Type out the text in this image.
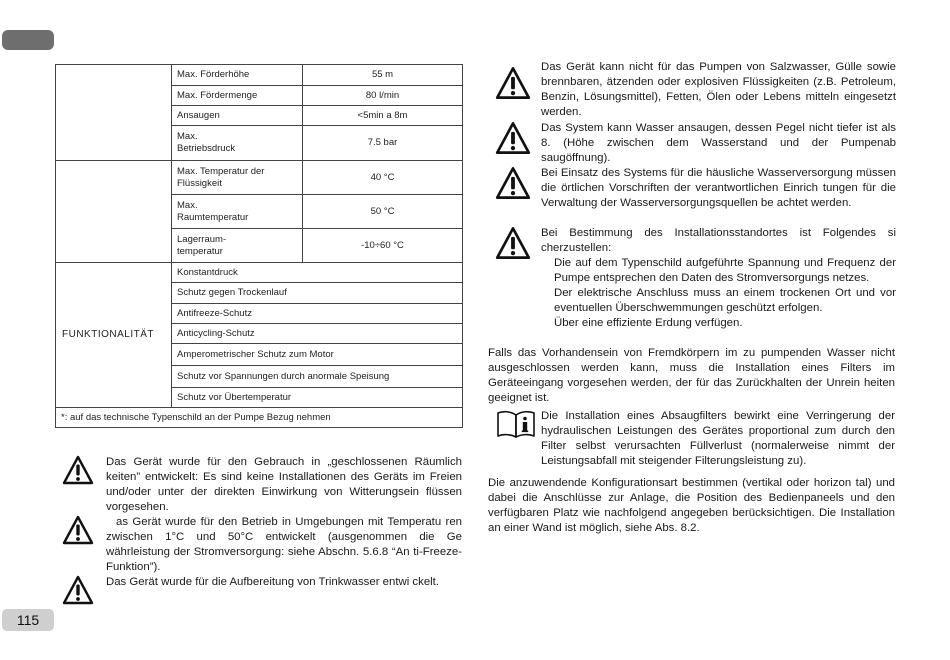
	Max. Förderhöhe	55 m
	Max. Fördermenge	80 l/min
	Ansaugen	<5min a 8m
	Max.
Betriebsdruck	7.5 bar
	Max. Temperatur der
Flüssigkeit	40 °C
	Max.
Raumtemperatur	50 °C
	Lagerraum-
temperatur	-10÷60 °C
FUNKTIONALITÄT	Konstantdruck	
	Schutz gegen Trockenlauf	
	Antifreeze-Schutz	
	Anticycling-Schutz	
	Amperometrischer Schutz zum Motor	
	Schutz vor Spannungen durch anormale Speisung	
	Schutz vor Übertemperatur	
*: auf das technische Typenschild an der Pumpe Bezug nehmen		

Das Gerät wurde für den Gebrauch in „geschlossenen Räumlich keiten” entwickelt: Es sind keine Installationen des Geräts im Freien und/oder unter der direkten Einwirkung von Witterungsein flüssen vorgesehen.

as Gerät wurde für den Betrieb in Umgebungen mit Temperatu ren zwischen 1°C und 50°C entwickelt (ausgenommen die Ge währleistung der Stromversorgung: siehe Abschn. 5.6.8 “An ti-Freeze-Funktion”).

Das Gerät wurde für die Aufbereitung von Trinkwasser entwi ckelt.

115

Das Gerät kann nicht für das Pumpen von Salzwasser, Gülle sowie brennbaren, ätzenden oder explosiven Flüssigkeiten (z.B. Petroleum, Benzin, Lösungsmittel), Fetten, Ölen oder Lebens mitteln eingesetzt werden.

Das System kann Wasser ansaugen, dessen Pegel nicht tiefer ist als 8. (Höhe zwischen dem Wasserstand und der Pumpenab saugöffnung).

Bei Einsatz des Systems für die häusliche Wasserversorgung müssen die örtlichen Vorschriften der verantwortlichen Einrich tungen für die Verwaltung der Wasserversorgungsquellen be achtet werden.

Bei Bestimmung des Installationsstandortes ist Folgendes si cherzustellen:

Die auf dem Typenschild aufgeführte Spannung und Frequenz der Pumpe entsprechen den Daten des Stromversorgungs netzes.

Der elektrische Anschluss muss an einem trockenen Ort und vor eventuellen Überschwemmungen geschützt erfolgen.

Über eine effiziente Erdung verfügen.

Falls das Vorhandensein von Fremdkörpern im zu pumpenden Wasser nicht ausgeschlossen werden kann, muss die Installation eines Filters im Geräteeingang vorgesehen werden, der für das Zurückhalten der Unrein heiten geeignet ist.

Die Installation eines Absaugfilters bewirkt eine Verringerung der hydraulischen Leistungen des Gerätes proportional zum durch den Filter selbst verursachten Füllverlust (normalerweise nimmt der Leistungsabfall mit steigender Filterungsleistung zu).

Die anzuwendende Konfigurationsart bestimmen (vertikal oder horizon tal) und dabei die Anschlüsse zur Anlage, die Position des Bedienpaneels und den verfügbaren Platz wie nachfolgend angegeben berücksichtigen. Die Installation an einer Wand ist möglich, siehe Abs. 8.2.
